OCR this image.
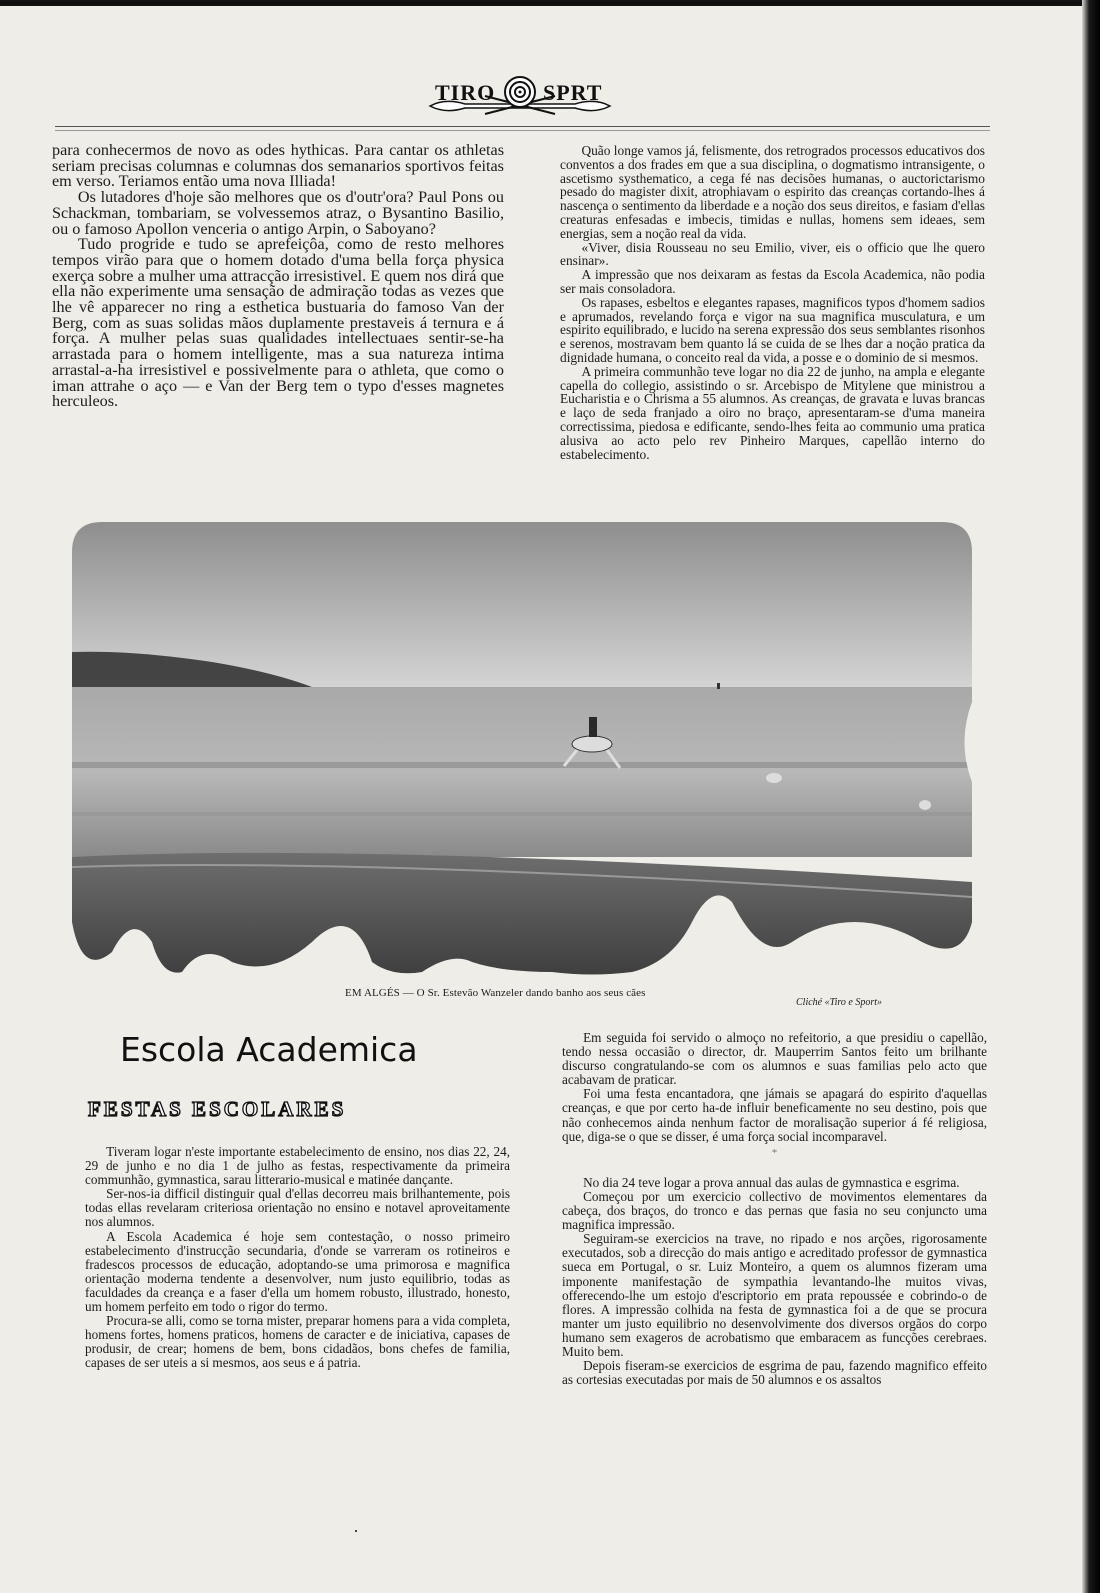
TIRO SPRT

para conhecermos de novo as odes hythicas. Para cantar os athletas seriam precisas columnas e columnas dos semanarios sportivos feitas em verso. Teriamos então uma nova Illiada!

Os lutadores d'hoje são melhores que os d'outr'ora? Paul Pons ou Schackman, tombariam, se volvessemos atraz, o Bysantino Basilio, ou o famoso Apollon venceria o antigo Arpin, o Saboyano?

Tudo progride e tudo se aprefeiçôa, como de resto melhores tempos virão para que o homem dotado d'uma bella força physica exerça sobre a mulher uma attracção irresistivel. E quem nos dirá que ella não experimente uma sensação de admiração todas as vezes que lhe vê apparecer no ring a esthetica bustuaria do famoso Van der Berg, com as suas solidas mãos duplamente prestaveis á ternura e á força. A mulher pelas suas qualidades intellectuaes sentir-se-ha arrastada para o homem intelligente, mas a sua natureza intima arrastal-a-ha irresistivel e possivelmente para o athleta, que como o iman attrahe o aço — e Van der Berg tem o typo d'esses magnetes herculeos.

Quão longe vamos já, felismente, dos retrogrados processos educativos dos conventos a dos frades em que a sua disciplina, o dogmatismo intransigente, o ascetismo systhematico, a cega fé nas decisões humanas, o auctorictarismo pesado do magister dixit, atrophiavam o espirito das creanças cortando-lhes á nascença o sentimento da liberdade e a noção dos seus direitos, e fasiam d'ellas creaturas enfesadas e imbecis, timidas e nullas, homens sem ideaes, sem energias, sem a noção real da vida.

«Viver, disia Rousseau no seu Emilio, viver, eis o officio que lhe quero ensinar».

A impressão que nos deixaram as festas da Escola Academica, não podia ser mais consoladora.

Os rapases, esbeltos e elegantes rapases, magnificos typos d'homem sadios e aprumados, revelando força e vigor na sua magnifica musculatura, e um espirito equilibrado, e lucido na serena expressão dos seus semblantes risonhos e serenos, mostravam bem quanto lá se cuida de se lhes dar a noção pratica da dignidade humana, o conceito real da vida, a posse e o dominio de si mesmos.

A primeira communhão teve logar no dia 22 de junho, na ampla e elegante capella do collegio, assistindo o sr. Arcebispo de Mitylene que ministrou a Eucharistia e o Chrisma a 55 alumnos. As creanças, de gravata e luvas brancas e laço de seda franjado a oiro no braço, apresentaram-se d'uma maneira correctissima, piedosa e edificante, sendo-lhes feita ao communio uma pratica alusiva ao acto pelo rev Pinheiro Marques, capellão interno do estabelecimento.

EM ALGÉS — O Sr. Estevão Wanzeler dando banho aos seus cães
Cliché «Tiro e Sport»
Escola Academica
FESTAS ESCOLARES

Tiveram logar n'este importante estabelecimento de ensino, nos dias 22, 24, 29 de junho e no dia 1 de julho as festas, respectivamente da primeira communhão, gymnastica, sarau litterario-musical e matinée dançante.

Ser-nos-ia difficil distinguir qual d'ellas decorreu mais brilhantemente, pois todas ellas revelaram criteriosa orientação no ensino e notavel aproveitamente nos alumnos.

A Escola Academica é hoje sem contestação, o nosso primeiro estabelecimento d'instrucção secundaria, d'onde se varreram os rotineiros e fradescos processos de educação, adoptando-se uma primorosa e magnifica orientação moderna tendente a desenvolver, num justo equilibrio, todas as faculdades da creança e a faser d'ella um homem robusto, illustrado, honesto, um homem perfeito em todo o rigor do termo.

Procura-se alli, como se torna mister, preparar homens para a vida completa, homens fortes, homens praticos, homens de caracter e de iniciativa, capases de produsir, de crear; homens de bem, bons cidadãos, bons chefes de familia, capases de ser uteis a si mesmos, aos seus e á patria.

Em seguida foi servido o almoço no refeitorio, a que presidiu o capellão, tendo nessa occasião o director, dr. Mauperrim Santos feito um brilhante discurso congratulando-se com os alumnos e suas familias pelo acto que acabavam de praticar.

Foi uma festa encantadora, qne jámais se apagará do espirito d'aquellas creanças, e que por certo ha-de influir beneficamente no seu destino, pois que não conhecemos ainda nenhum factor de moralisação superior á fé religiosa, que, diga-se o que se disser, é uma força social incomparavel.

*

No dia 24 teve logar a prova annual das aulas de gymnastica e esgrima.

Começou por um exercicio collectivo de movimentos elementares da cabeça, dos braços, do tronco e das pernas que fasia no seu conjuncto uma magnifica impressão.

Seguiram-se exercicios na trave, no ripado e nos arções, rigorosamente executados, sob a direcção do mais antigo e acreditado professor de gymnastica sueca em Portugal, o sr. Luiz Monteiro, a quem os alumnos fizeram uma imponente manifestação de sympathia levantando-lhe muitos vivas, offerecendo-lhe um estojo d'escriptorio em prata repoussée e cobrindo-o de flores. A impressão colhida na festa de gymnastica foi a de que se procura manter um justo equilibrio no desenvolvimente dos diversos orgãos do corpo humano sem exageros de acrobatismo que embaracem as funcções cerebraes. Muito bem.

Depois fiseram-se exercicios de esgrima de pau, fazendo magnifico effeito as cortesias executadas por mais de 50 alumnos e os assaltos
